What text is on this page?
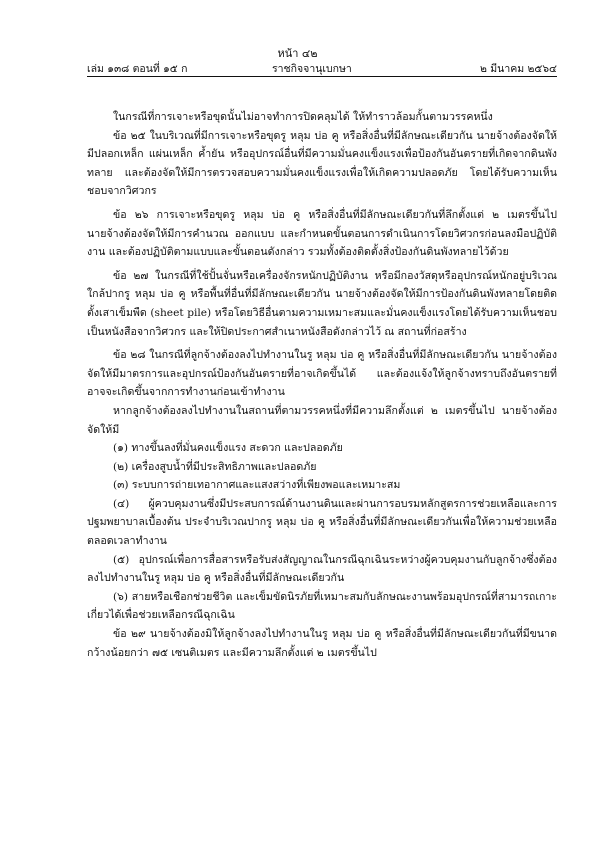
หน้า ๔๒
เล่ม ๑๓๘ ตอนที่ ๑๕ ก	ราชกิจจานุเบกษา	๒ มีนาคม ๒๕๖๔

ในกรณีที่การเจาะหรือขุดนั้นไม่อาจทำการปิดคลุมได้ ให้ทำราวล้อมกั้นตามวรรคหนึ่ง

ข้อ ๒๕ ในบริเวณที่มีการเจาะหรือขุดรู หลุม บ่อ คู หรือสิ่งอื่นที่มีลักษณะเดียวกัน นายจ้างต้องจัดให้มีปลอกเหล็ก แผ่นเหล็ก ค้ำยัน หรืออุปกรณ์อื่นที่มีความมั่นคงแข็งแรงเพื่อป้องกันอันตรายที่เกิดจากดินพังทลาย และต้องจัดให้มีการตรวจสอบความมั่นคงแข็งแรงเพื่อให้เกิดความปลอดภัย โดยได้รับความเห็นชอบจากวิศวกร

ข้อ ๒๖ การเจาะหรือขุดรู หลุม บ่อ คู หรือสิ่งอื่นที่มีลักษณะเดียวกันที่ลึกตั้งแต่ ๒ เมตรขึ้นไป นายจ้างต้องจัดให้มีการคำนวณ ออกแบบ และกำหนดขั้นตอนการดำเนินการโดยวิศวกรก่อนลงมือปฏิบัติงาน และต้องปฏิบัติตามแบบและขั้นตอนดังกล่าว รวมทั้งต้องติดตั้งสิ่งป้องกันดินพังทลายไว้ด้วย

ข้อ ๒๗ ในกรณีที่ใช้ปั้นจั่นหรือเครื่องจักรหนักปฏิบัติงาน หรือมีกองวัสดุหรืออุปกรณ์หนักอยู่บริเวณใกล้ปากรู หลุม บ่อ คู หรือพื้นที่อื่นที่มีลักษณะเดียวกัน นายจ้างต้องจัดให้มีการป้องกันดินพังทลายโดยติดตั้งเสาเข็มพืด (sheet pile) หรือโดยวิธีอื่นตามความเหมาะสมและมั่นคงแข็งแรงโดยได้รับความเห็นชอบเป็นหนังสือจากวิศวกร และให้ปิดประกาศสำเนาหนังสือดังกล่าวไว้ ณ สถานที่ก่อสร้าง

ข้อ ๒๘ ในกรณีที่ลูกจ้างต้องลงไปทำงานในรู หลุม บ่อ คู หรือสิ่งอื่นที่มีลักษณะเดียวกัน นายจ้างต้องจัดให้มีมาตรการและอุปกรณ์ป้องกันอันตรายที่อาจเกิดขึ้นได้ และต้องแจ้งให้ลูกจ้างทราบถึงอันตรายที่อาจจะเกิดขึ้นจากการทำงานก่อนเข้าทำงาน

หากลูกจ้างต้องลงไปทำงานในสถานที่ตามวรรคหนึ่งที่มีความลึกตั้งแต่ ๒ เมตรขึ้นไป นายจ้างต้องจัดให้มี

(๑) ทางขึ้นลงที่มั่นคงแข็งแรง สะดวก และปลอดภัย

(๒) เครื่องสูบน้ำที่มีประสิทธิภาพและปลอดภัย

(๓) ระบบการถ่ายเทอากาศและแสงสว่างที่เพียงพอและเหมาะสม

(๔) ผู้ควบคุมงานซึ่งมีประสบการณ์ด้านงานดินและผ่านการอบรมหลักสูตรการช่วยเหลือและการปฐมพยาบาลเบื้องต้น ประจำบริเวณปากรู หลุม บ่อ คู หรือสิ่งอื่นที่มีลักษณะเดียวกันเพื่อให้ความช่วยเหลือตลอดเวลาทำงาน

(๕) อุปกรณ์เพื่อการสื่อสารหรือรับส่งสัญญาณในกรณีฉุกเฉินระหว่างผู้ควบคุมงานกับลูกจ้างซึ่งต้องลงไปทำงานในรู หลุม บ่อ คู หรือสิ่งอื่นที่มีลักษณะเดียวกัน

(๖) สายหรือเชือกช่วยชีวิต และเข็มขัดนิรภัยที่เหมาะสมกับลักษณะงานพร้อมอุปกรณ์ที่สามารถเกาะเกี่ยวได้เพื่อช่วยเหลือกรณีฉุกเฉิน

ข้อ ๒๙ นายจ้างต้องมิให้ลูกจ้างลงไปทำงานในรู หลุม บ่อ คู หรือสิ่งอื่นที่มีลักษณะเดียวกันที่มีขนาดกว้างน้อยกว่า ๗๕ เซนติเมตร และมีความลึกตั้งแต่ ๒ เมตรขึ้นไป
